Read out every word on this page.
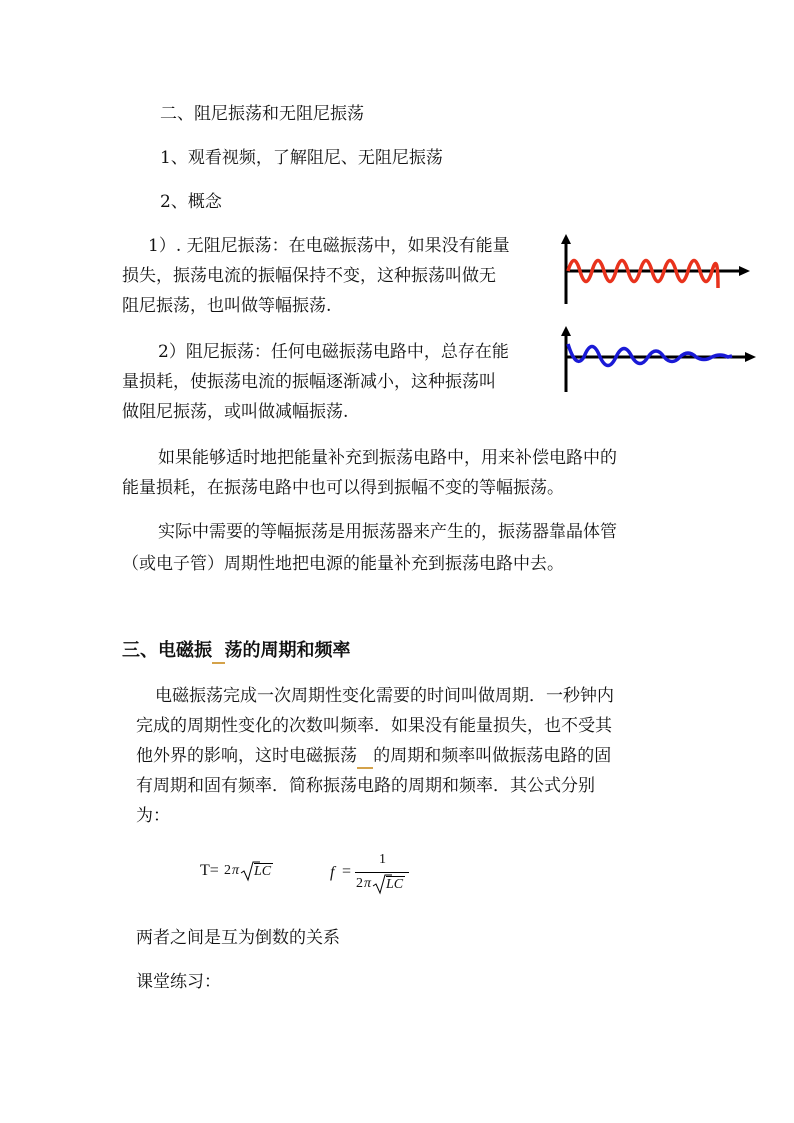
二、阻尼振荡和无阻尼振荡
1、观看视频，了解阻尼、无阻尼振荡
2、概念
1）. 无阻尼振荡：在电磁振荡中，如果没有能量
损失，振荡电流的振幅保持不变，这种振荡叫做无
阻尼振荡，也叫做等幅振荡.
2）阻尼振荡：任何电磁振荡电路中，总存在能
量损耗，使振荡电流的振幅逐渐减小，这种振荡叫
做阻尼振荡，或叫做减幅振荡.
如果能够适时地把能量补充到振荡电路中，用来补偿电路中的
能量损耗，在振荡电路中也可以得到振幅不变的等幅振荡。
实际中需要的等幅振荡是用振荡器来产生的，振荡器靠晶体管
（或电子管）周期性地把电源的能量补充到振荡电路中去。
三、电磁振 荡的周期和频率
电磁振荡完成一次周期性变化需要的时间叫做周期．一秒钟内
完成的周期性变化的次数叫频率．如果没有能量损失，也不受其
他外界的影响，这时电磁振荡 的周期和频率叫做振荡电路的固
有周期和固有频率．简称振荡电路的周期和频率．其公式分别
为：
T= 2 π LC	f =
1
2 π LC
两者之间是互为倒数的关系
课堂练习：
